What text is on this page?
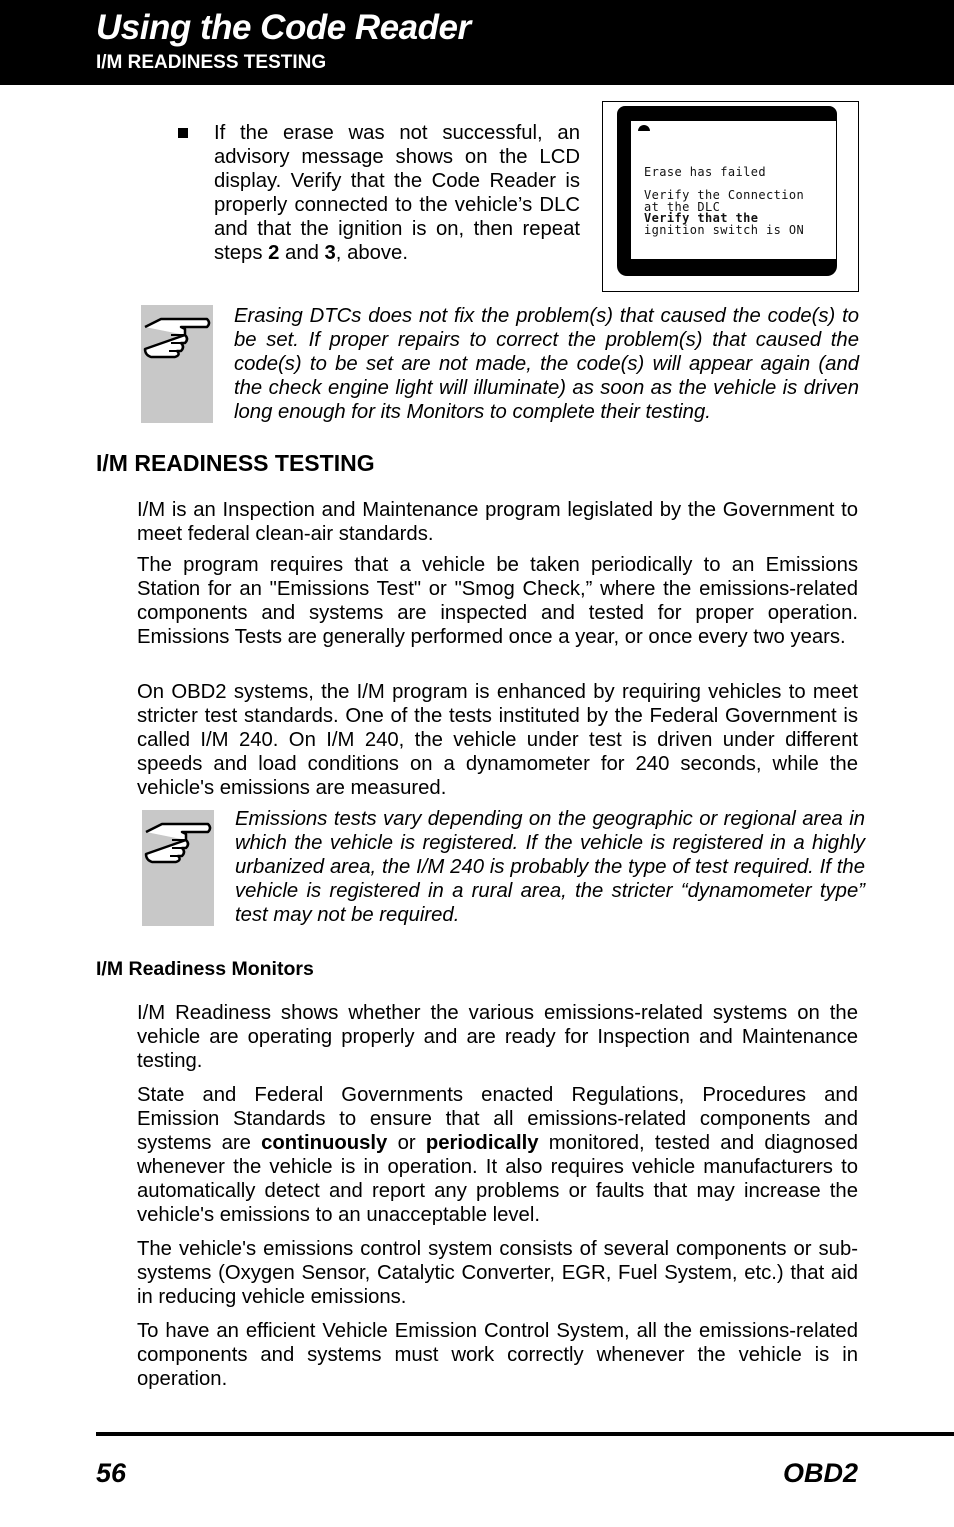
Using the Code Reader
I/M READINESS TESTING
If the erase was not successful, an advisory message shows on the LCD display. Verify that the Code Reader is properly connected to the vehicle’s DLC and that the ignition is on, then repeat steps 2 and 3, above.
Erase has failed
Verify the Connection
at the DLC
Verify that the
ignition switch is ON
Erasing DTCs does not fix the problem(s) that caused the code(s) to be set. If proper repairs to correct the problem(s) that caused the code(s) to be set are not made, the code(s) will appear again (and the check engine light will illuminate) as soon as the vehicle is driven long enough for its Monitors to complete their testing.
I/M READINESS TESTING
I/M is an Inspection and Maintenance program legislated by the Government to meet federal clean-air standards.
The program requires that a vehicle be taken periodically to an Emissions Station for an "Emissions Test" or "Smog Check,” where the emissions-related components and systems are inspected and tested for proper operation. Emissions Tests are generally performed once a year, or once every two years.
On OBD2 systems, the I/M program is enhanced by requiring vehicles to meet stricter test standards. One of the tests instituted by the Federal Government is called I/M 240. On I/M 240, the vehicle under test is driven under different speeds and load conditions on a dynamometer for 240 seconds, while the vehicle's emissions are measured.
Emissions tests vary depending on the geographic or regional area in which the vehicle is registered. If the vehicle is registered in a highly urbanized area, the I/M 240 is probably the type of test required. If the vehicle is registered in a rural area, the stricter “dynamometer type” test may not be required.
I/M Readiness Monitors
I/M Readiness shows whether the various emissions-related systems on the vehicle are operating properly and are ready for Inspection and Maintenance testing.
State and Federal Governments enacted Regulations, Procedures and Emission Standards to ensure that all emissions-related components and systems are continuously or periodically monitored, tested and diagnosed whenever the vehicle is in operation. It also requires vehicle manufacturers to automatically detect and report any problems or faults that may increase the vehicle's emissions to an unacceptable level.
The vehicle's emissions control system consists of several components or sub-systems (Oxygen Sensor, Catalytic Converter, EGR, Fuel System, etc.) that aid in reducing vehicle emissions.
To have an efficient Vehicle Emission Control System, all the emissions-related components and systems must work correctly whenever the vehicle is in operation.
56	OBD2
